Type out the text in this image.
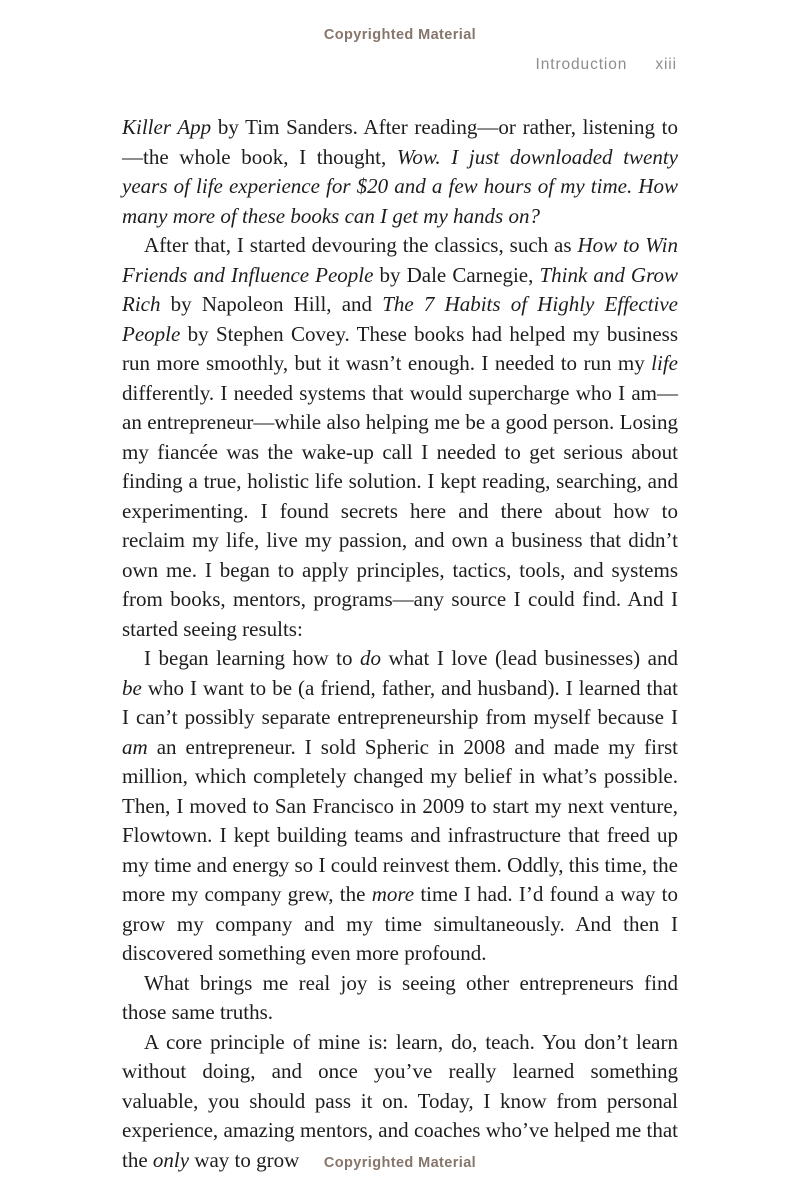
Copyrighted Material
Introduction xiii

Killer App by Tim Sanders. After reading—or rather, listening to—the whole book, I thought, Wow. I just downloaded twenty years of life experience for $20 and a few hours of my time. How many more of these books can I get my hands on?

After that, I started devouring the classics, such as How to Win Friends and Influence People by Dale Carnegie, Think and Grow Rich by Napoleon Hill, and The 7 Habits of Highly Effective People by Stephen Covey. These books had helped my business run more smoothly, but it wasn’t enough. I needed to run my life differently. I needed systems that would supercharge who I am—an entrepreneur—while also helping me be a good person. Losing my fiancée was the wake-up call I needed to get serious about finding a true, holistic life solution. I kept reading, searching, and experimenting. I found secrets here and there about how to reclaim my life, live my passion, and own a business that didn’t own me. I began to apply principles, tactics, tools, and systems from books, mentors, programs—any source I could find. And I started seeing results:

I began learning how to do what I love (lead businesses) and be who I want to be (a friend, father, and husband). I learned that I can’t possibly separate entrepreneurship from myself because I am an entrepreneur. I sold Spheric in 2008 and made my first million, which completely changed my belief in what’s possible. Then, I moved to San Francisco in 2009 to start my next venture, Flowtown. I kept building teams and infrastructure that freed up my time and energy so I could reinvest them. Oddly, this time, the more my company grew, the more time I had. I’d found a way to grow my company and my time simultaneously. And then I discovered something even more profound.

What brings me real joy is seeing other entrepreneurs find those same truths.

A core principle of mine is: learn, do, teach. You don’t learn without doing, and once you’ve really learned something valuable, you should pass it on. Today, I know from personal experience, amazing mentors, and coaches who’ve helped me that the only way to grow	Copyrighted Material
